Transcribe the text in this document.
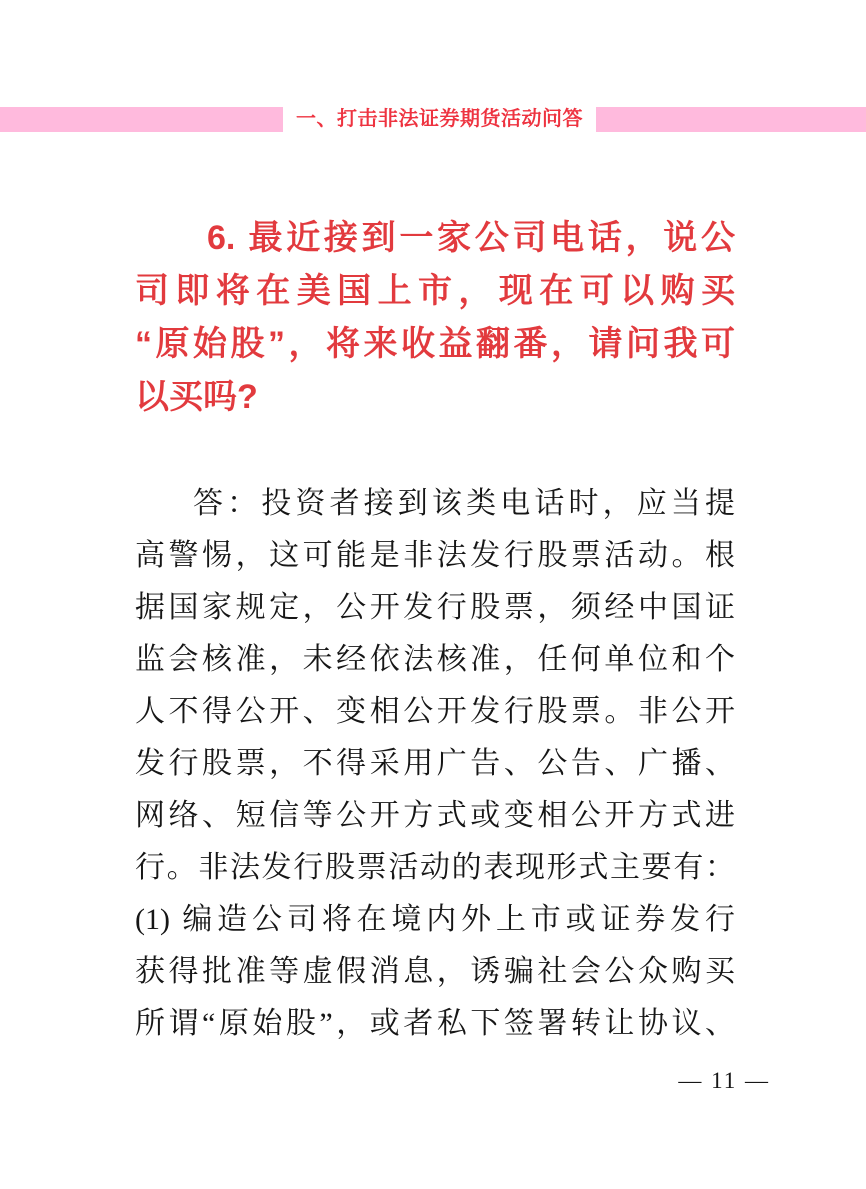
一、打击非法证券期货活动问答
6. 最近接到一家公司电话，说公
司即将在美国上市，现在可以购买
“原始股”，将来收益翻番，请问我可
以买吗?
答：投资者接到该类电话时，应当提
高警惕，这可能是非法发行股票活动。根
据国家规定，公开发行股票，须经中国证
监会核准，未经依法核准，任何单位和个
人不得公开、变相公开发行股票。非公开
发行股票，不得采用广告、公告、广播、
网络、短信等公开方式或变相公开方式进
行。非法发行股票活动的表现形式主要有：
(1) 编造公司将在境内外上市或证券发行
获得批准等虚假消息，诱骗社会公众购买
所谓“原始股”，或者私下签署转让协议、
— 11 —
